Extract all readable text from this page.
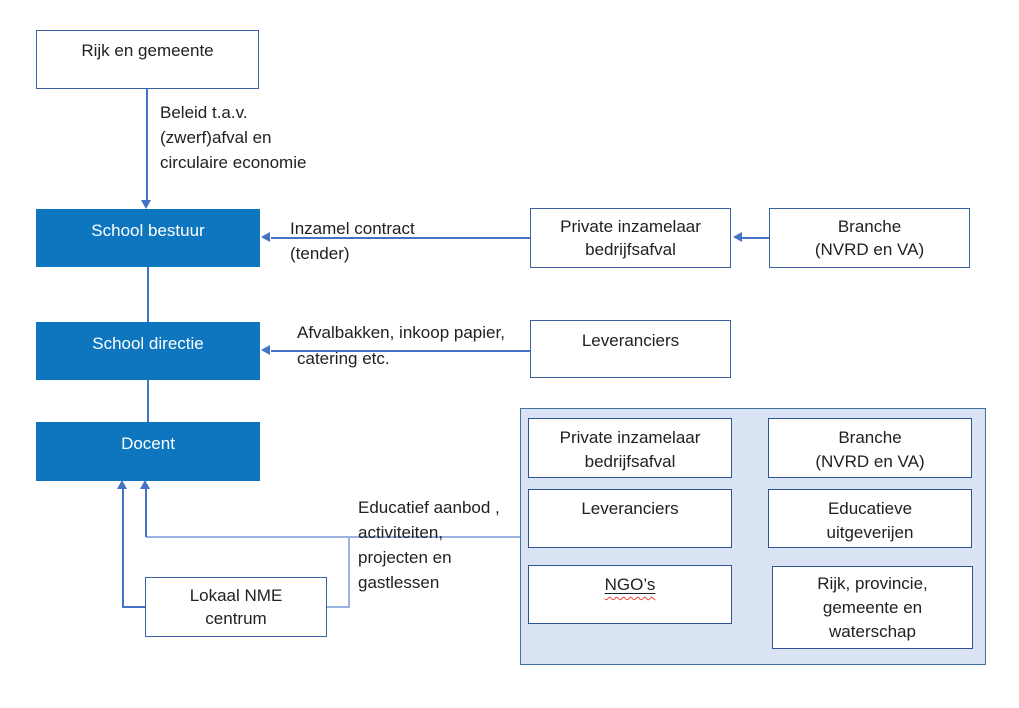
Rijk en gemeente
School bestuur
School directie
Docent
Private inzamelaar
bedrijfsafval
Branche
(NVRD en VA)
Leveranciers
Lokaal NME
centrum
Beleid t.a.v.
(zwerf)afval en
circulaire economie
Inzamel contract
(tender)
Afvalbakken, inkoop papier,
catering etc.
Educatief aanbod ,
activiteiten,
projecten en
gastlessen
Private inzamelaar
bedrijfsafval
Branche
(NVRD en VA)
Leveranciers	Educatieve
uitgeverijen
NGO’s	Rijk, provincie,
gemeente en
waterschap
